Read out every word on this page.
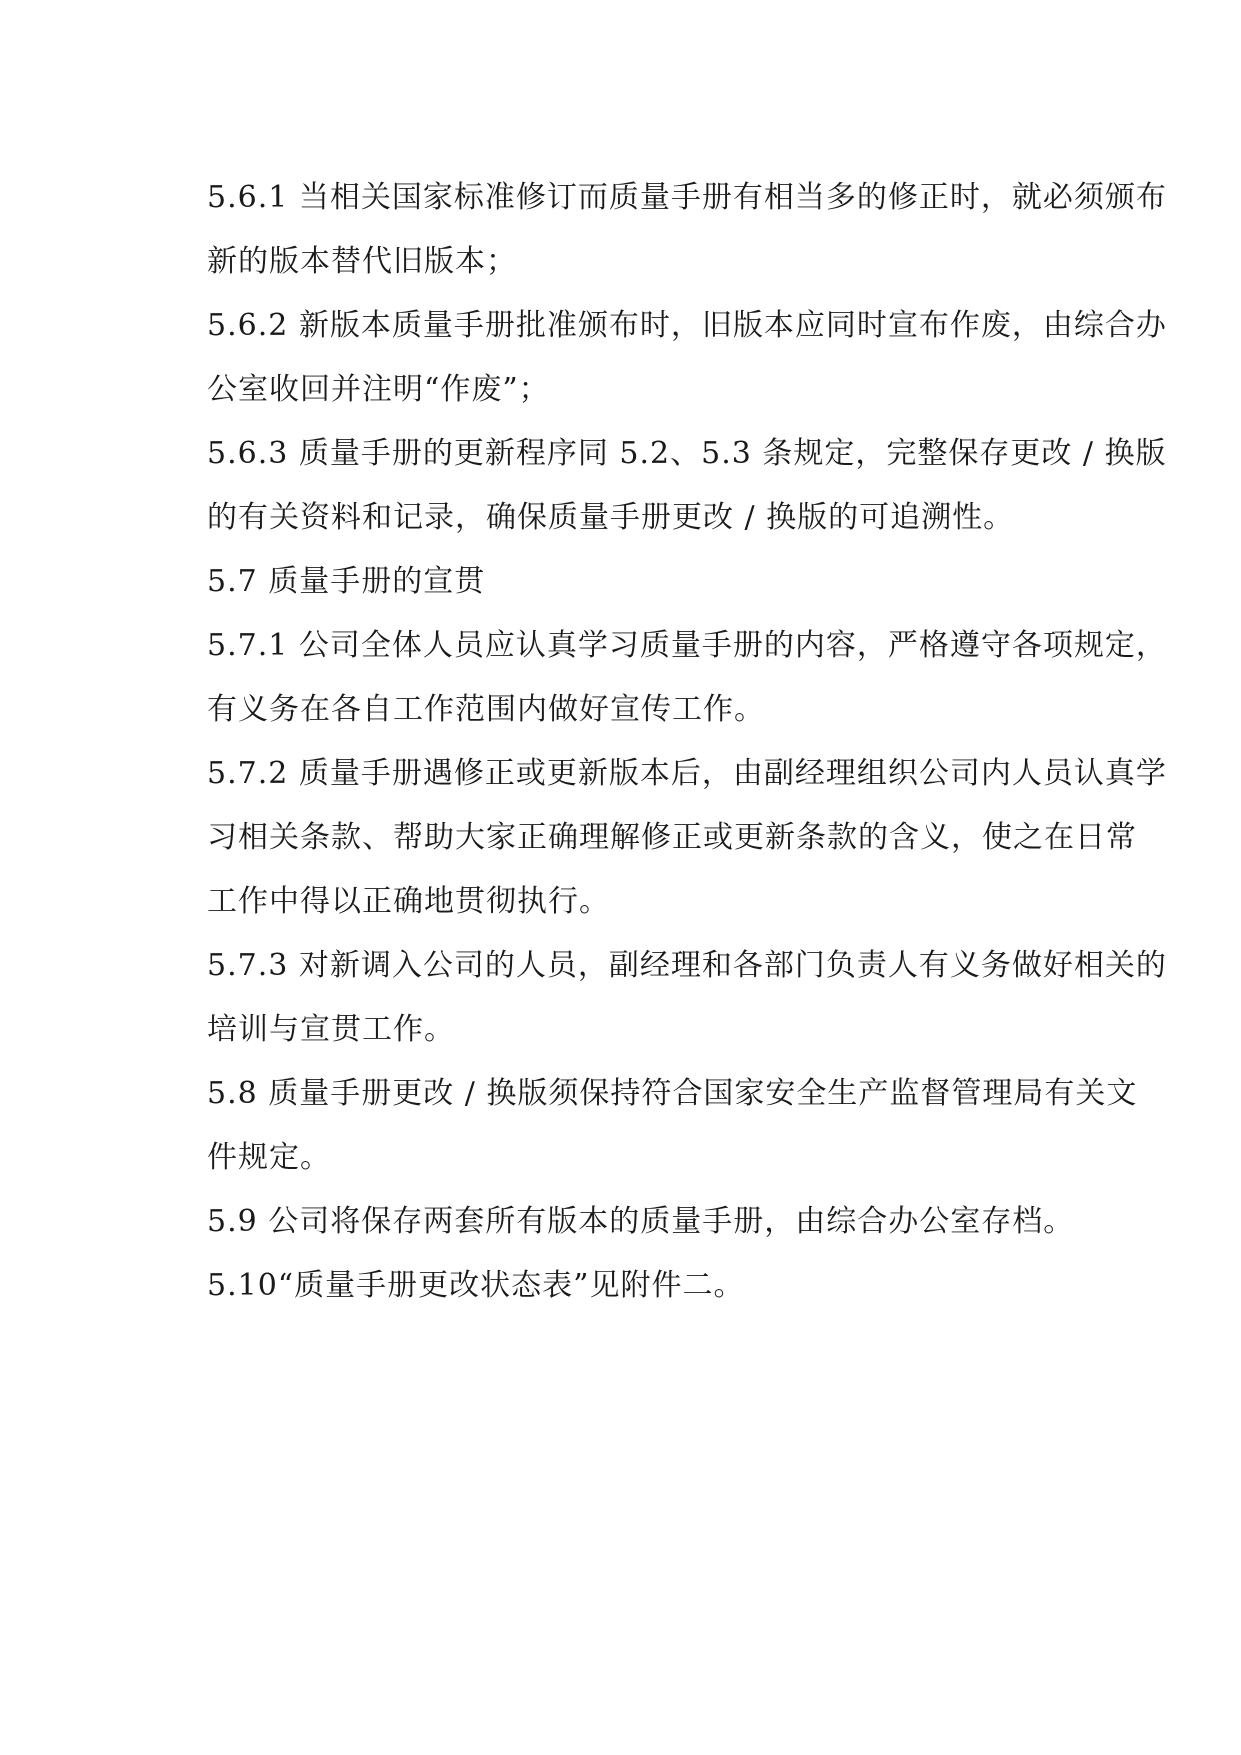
5.6.1 当相关国家标准修订而质量手册有相当多的修正时，就必须颁布
新的版本替代旧版本；
5.6.2 新版本质量手册批准颁布时，旧版本应同时宣布作废，由综合办
公室收回并注明“作废”；
5.6.3 质量手册的更新程序同 5.2、5.3 条规定，完整保存更改 / 换版
的有关资料和记录，确保质量手册更改 / 换版的可追溯性。
5.7 质量手册的宣贯
5.7.1 公司全体人员应认真学习质量手册的内容，严格遵守各项规定，
有义务在各自工作范围内做好宣传工作。
5.7.2 质量手册遇修正或更新版本后，由副经理组织公司内人员认真学
习相关条款、帮助大家正确理解修正或更新条款的含义，使之在日常
工作中得以正确地贯彻执行。
5.7.3 对新调入公司的人员，副经理和各部门负责人有义务做好相关的
培训与宣贯工作。
5.8 质量手册更改 / 换版须保持符合国家安全生产监督管理局有关文
件规定。
5.9 公司将保存两套所有版本的质量手册，由综合办公室存档。
5.10“质量手册更改状态表”见附件二。
